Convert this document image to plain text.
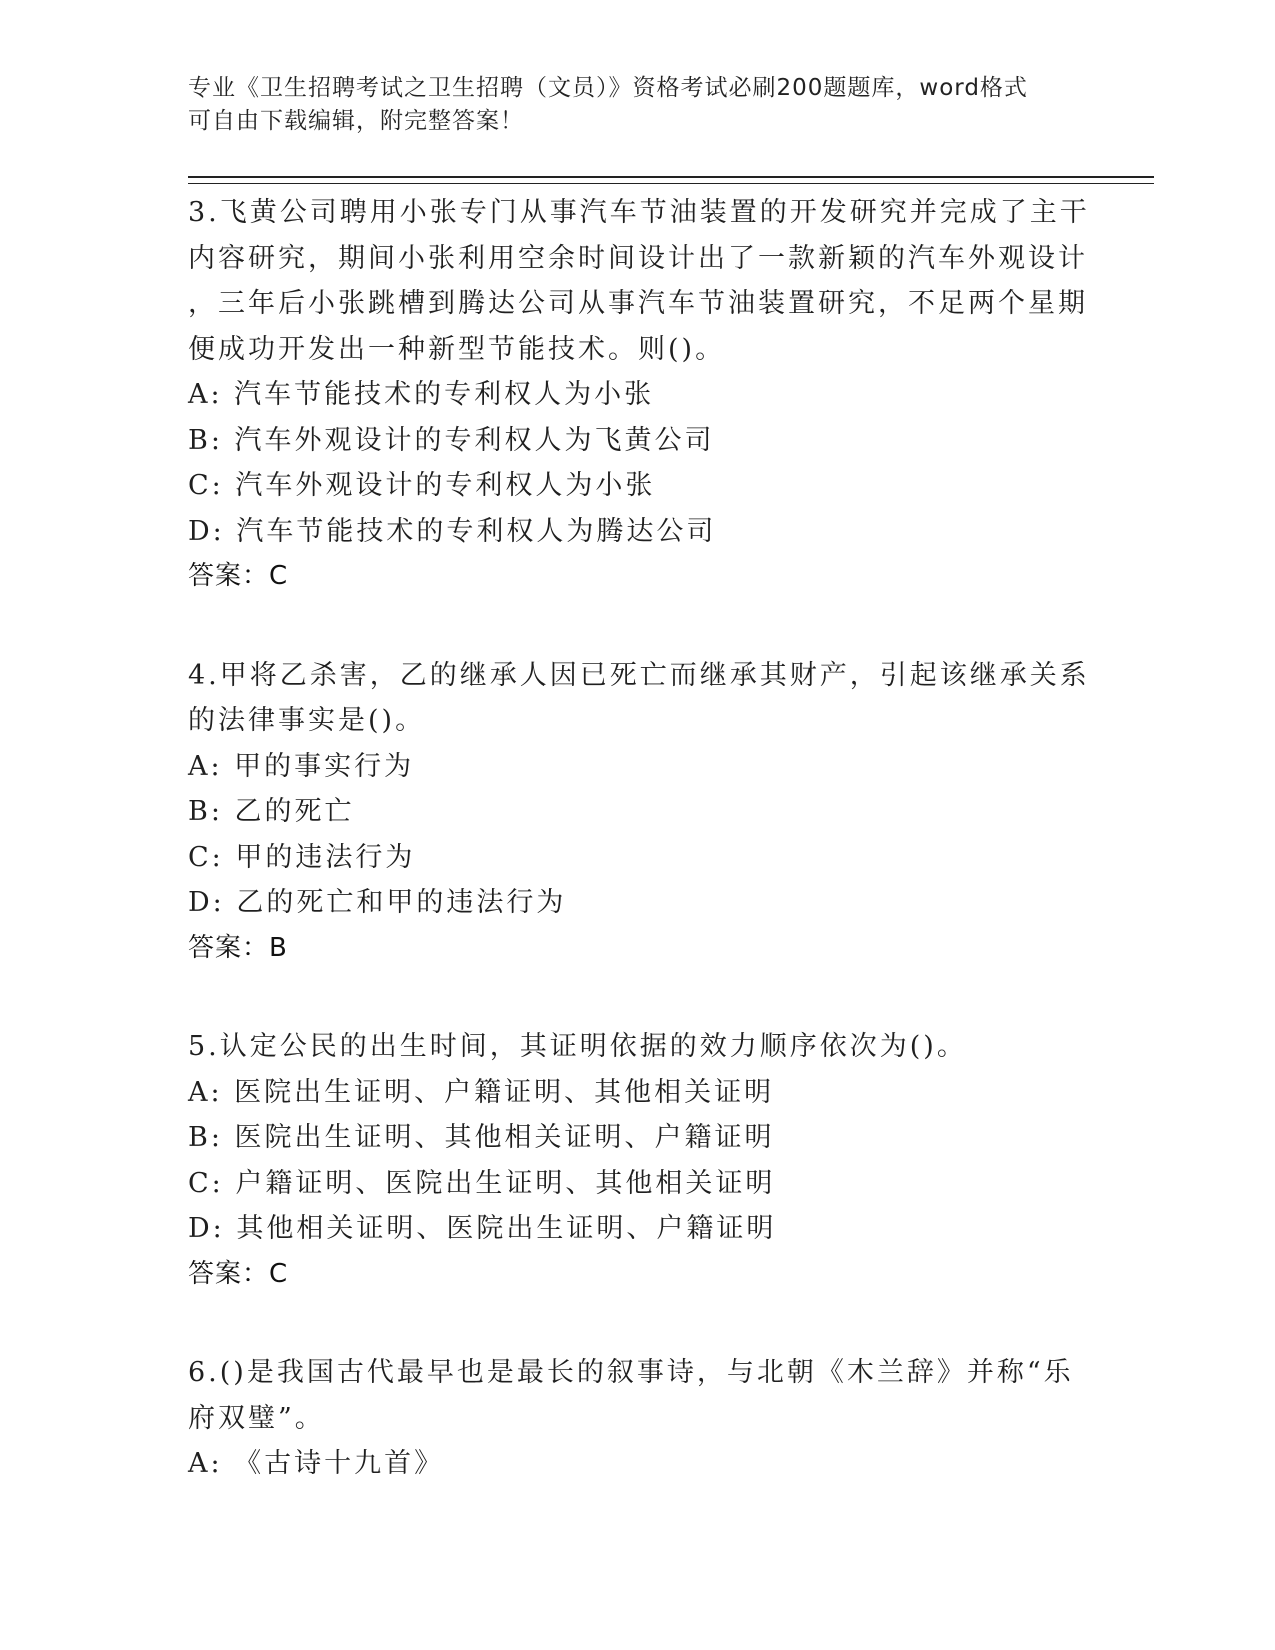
专业《卫生招聘考试之卫生招聘（文员）》资格考试必刷200题题库，word格式
可自由下载编辑，附完整答案！
3.飞黄公司聘用小张专门从事汽车节油装置的开发研究并完成了主干
内容研究，期间小张利用空余时间设计出了一款新颖的汽车外观设计
，三年后小张跳槽到腾达公司从事汽车节油装置研究，不足两个星期
便成功开发出一种新型节能技术。则()。
A: 汽车节能技术的专利权人为小张
B: 汽车外观设计的专利权人为飞黄公司
C: 汽车外观设计的专利权人为小张
D: 汽车节能技术的专利权人为腾达公司
答案：C
4.甲将乙杀害，乙的继承人因已死亡而继承其财产，引起该继承关系
的法律事实是()。
A: 甲的事实行为
B: 乙的死亡
C: 甲的违法行为
D: 乙的死亡和甲的违法行为
答案：B
5.认定公民的出生时间，其证明依据的效力顺序依次为()。
A: 医院出生证明、户籍证明、其他相关证明
B: 医院出生证明、其他相关证明、户籍证明
C: 户籍证明、医院出生证明、其他相关证明
D: 其他相关证明、医院出生证明、户籍证明
答案：C
6.()是我国古代最早也是最长的叙事诗，与北朝《木兰辞》并称“乐
府双璧”。
A: 《古诗十九首》
